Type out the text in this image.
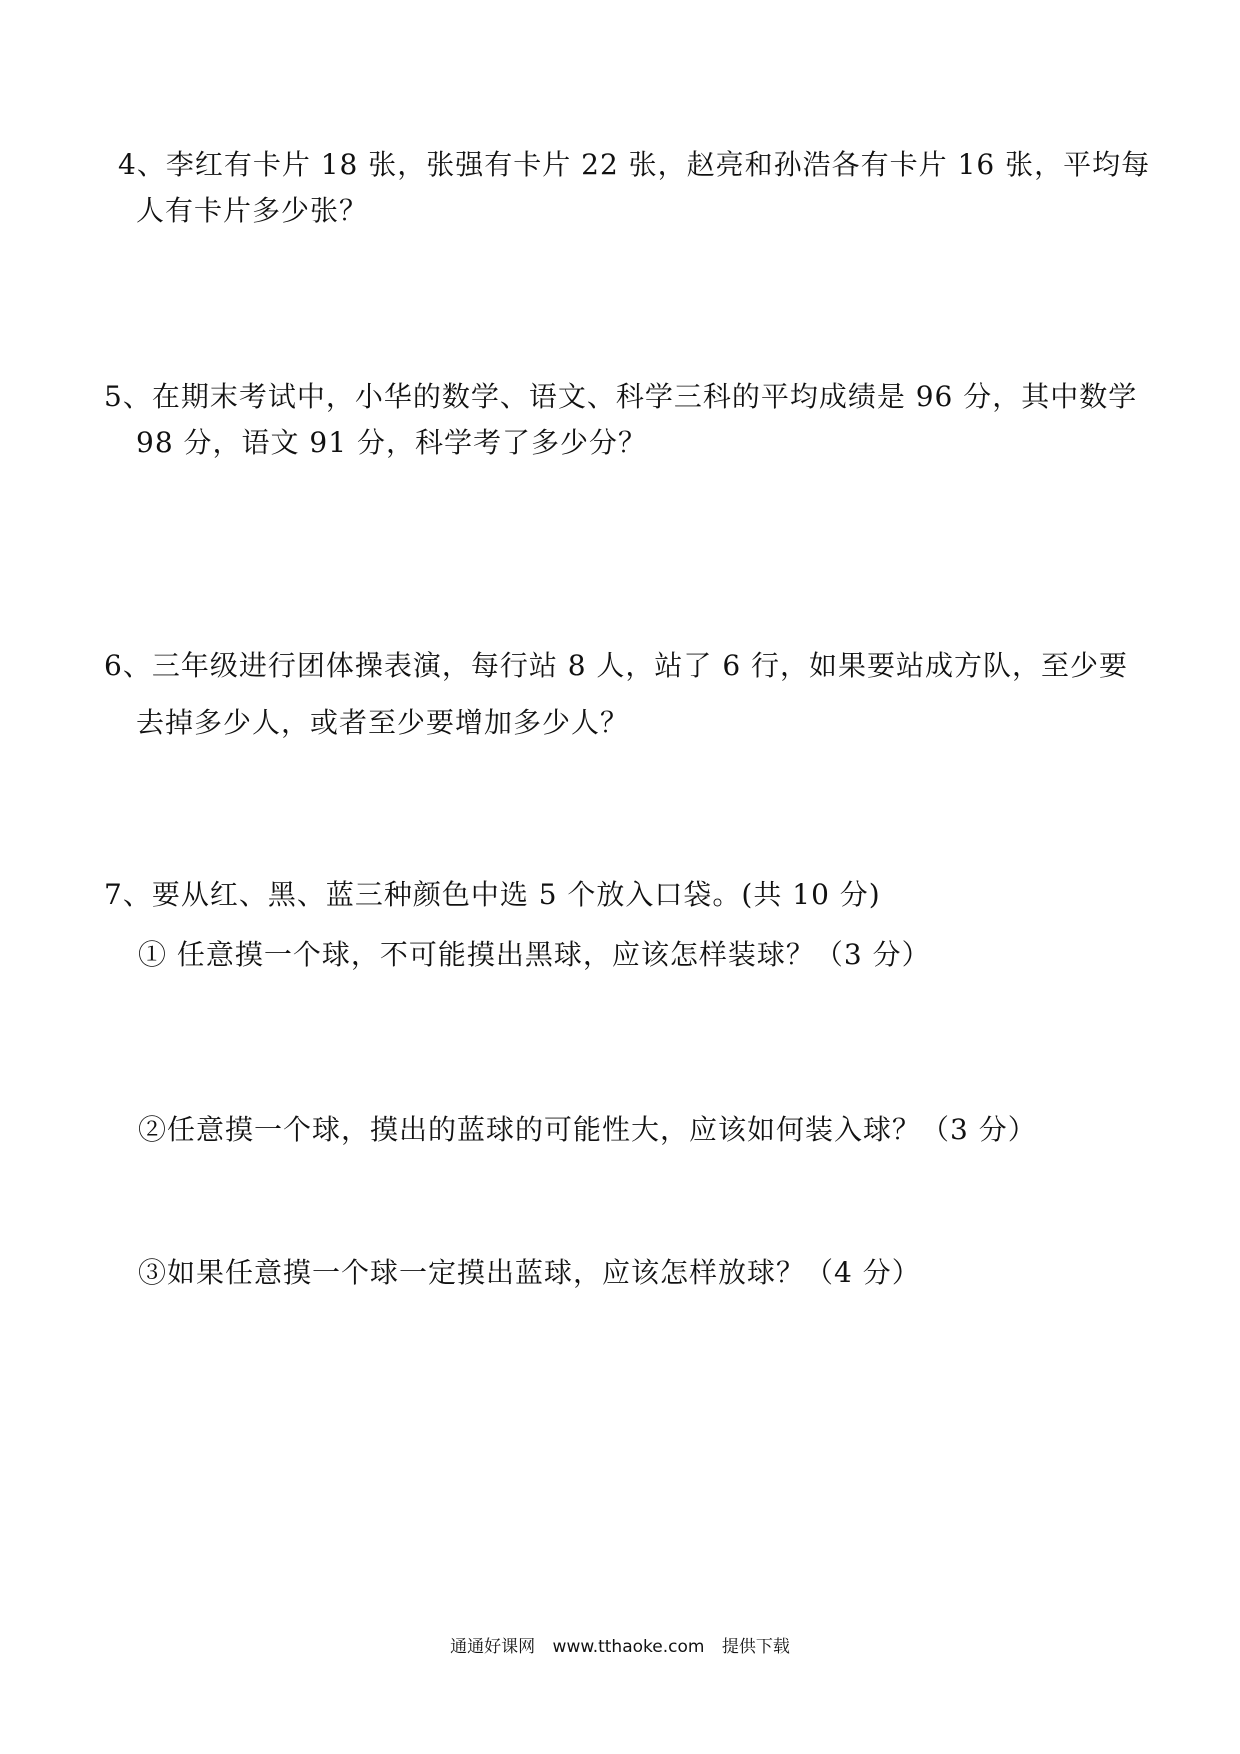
4、李红有卡片 18 张，张强有卡片 22 张，赵亮和孙浩各有卡片 16 张，平均每
人有卡片多少张？
5、在期末考试中，小华的数学、语文、科学三科的平均成绩是 96 分，其中数学
98 分，语文 91 分，科学考了多少分？
6、三年级进行团体操表演，每行站 8 人，站了 6 行，如果要站成方队，至少要
去掉多少人，或者至少要增加多少人？
7、要从红、黑、蓝三种颜色中选 5 个放入口袋。(共 10 分)
① 任意摸一个球，不可能摸出黑球，应该怎样装球？（3 分）
②任意摸一个球，摸出的蓝球的可能性大，应该如何装入球？（3 分）
③如果任意摸一个球一定摸出蓝球，应该怎样放球？（4 分）
通通好课网 www.tthaoke.com 提供下载
